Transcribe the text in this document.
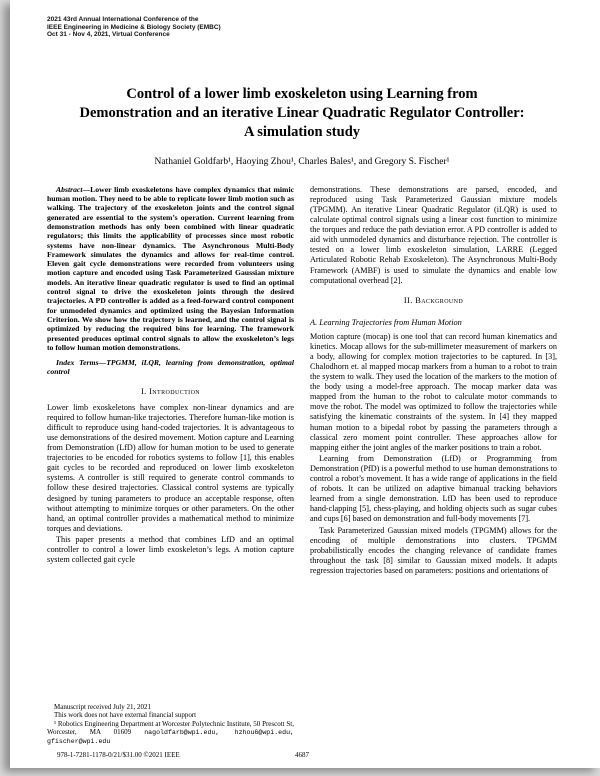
2021 43rd Annual International Conference of the
IEEE Engineering in Medicine & Biology Society (EMBC)
Oct 31 - Nov 4, 2021, Virtual Conference
Control of a lower limb exoskeleton using Learning from
Demonstration and an iterative Linear Quadratic Regulator Controller:
A simulation study
Nathaniel Goldfarb¹, Haoying Zhou¹, Charles Bales¹, and Gregory S. Fischer¹

Abstract—Lower limb exoskeletons have complex dynamics that mimic human motion. They need to be able to replicate lower limb motion such as walking. The trajectory of the exoskeleton joints and the control signal generated are essential to the system’s operation. Current learning from demonstration methods has only been combined with linear quadratic regulators; this limits the applicability of processes since most robotic systems have non-linear dynamics. The Asynchronous Multi-Body Framework simulates the dynamics and allows for real-time control. Eleven gait cycle demonstrations were recorded from volunteers using motion capture and encoded using Task Parameterized Gaussian mixture models. An iterative linear quadratic regulator is used to find an optimal control signal to drive the exoskeleton joints through the desired trajectories. A PD controller is added as a feed-forward control component for unmodeled dynamics and optimized using the Bayesian Information Criterion. We show how the trajectory is learned, and the control signal is optimized by reducing the required bins for learning. The framework presented produces optimal control signals to allow the exoskeleton’s legs to follow human motion demonstrations.

Index Terms—TPGMM, iLQR, learning from demonstration, optimal control

I. Introduction

Lower limb exoskeletons have complex non-linear dynamics and are required to follow human-like trajectories. Therefore human-like motion is difficult to reproduce using hand-coded trajectories. It is advantageous to use demonstrations of the desired movement. Motion capture and Learning from Demonstration (LfD) allow for human motion to be used to generate trajectories to be encoded for robotics systems to follow [1], this enables gait cycles to be recorded and reproduced on lower limb exoskeleton systems. A controller is still required to generate control commands to follow these desired trajectories. Classical control systems are typically designed by tuning parameters to produce an acceptable response, often without attempting to minimize torques or other parameters. On the other hand, an optimal controller provides a mathematical method to minimize torques and deviations.

This paper presents a method that combines LfD and an optimal controller to control a lower limb exoskeleton’s legs. A motion capture system collected gait cycle

Manuscript received July 21, 2021
This work does not have external financial support
¹ Robotics Engineering Department at Worcester Polytechnic Institute, 50 Prescott St, Worcester, MA 01609 nagoldfarb@wpi.edu, hzhou6@wpi.edu, gfischer@wpi.edu

demonstrations. These demonstrations are parsed, encoded, and reproduced using Task Parameterized Gaussian mixture models (TPGMM). An iterative Linear Quadratic Regulator (iLQR) is used to calculate optimal control signals using a linear cost function to minimize the torques and reduce the path deviation error. A PD controller is added to aid with unmodeled dynamics and disturbance rejection. The controller is tested on a lower limb exoskeleton simulation, LARRE (Legged Articulated Robotic Rehab Exoskeleton). The Asynchronous Multi-Body Framework (AMBF) is used to simulate the dynamics and enable low computational overhead [2].

II. Background
A. Learning Trajectories from Human Motion

Motion capture (mocap) is one tool that can record human kinematics and kinetics. Mocap allows for the sub-millimeter measurement of markers on a body, allowing for complex motion trajectories to be captured. In [3], Chalodhorn et. al mapped mocap markers from a human to a robot to train the system to walk. They used the location of the markers to the motion of the body using a model-free approach. The mocap marker data was mapped from the human to the robot to calculate motor commands to move the robot. The model was optimized to follow the trajectories while satisfying the kinematic constraints of the system. In [4] they mapped human motion to a bipedal robot by passing the parameters through a classical zero moment point controller. These approaches allow for mapping either the joint angles of the marker positions to train a robot.

Learning from Demonstration (LfD) or Programming from Demonstration (PfD) is a powerful method to use human demonstrations to control a robot’s movement. It has a wide range of applications in the field of robots. It can be utilized on adaptive bimanual tracking behaviors learned from a single demonstration. LfD has been used to reproduce hand-clapping [5], chess-playing, and holding objects such as sugar cubes and cups [6] based on demonstration and full-body movements [7].

Task Parameterized Gaussian mixed models (TPGMM) allows for the encoding of multiple demonstrations into clusters. TPGMM probabilistically encodes the changing relevance of candidate frames throughout the task [8] similar to Gaussian mixed models. It adapts regression trajectories based on parameters: positions and orientations of

978-1-7281-1178-0/21/$31.00 ©2021 IEEE	4687
